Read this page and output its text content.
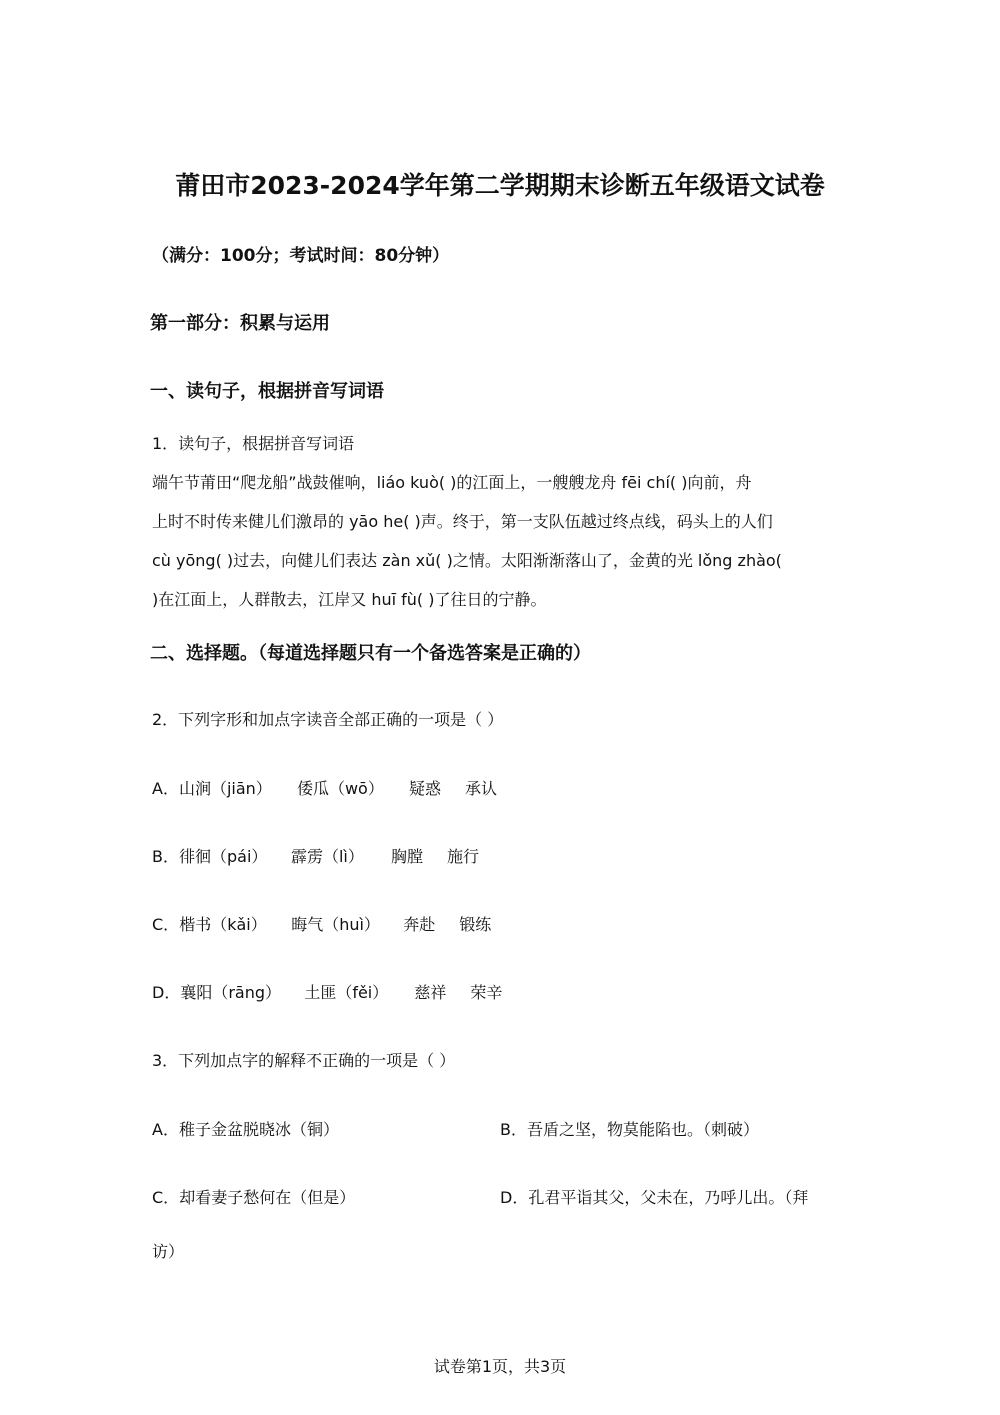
莆田市2023-2024学年第二学期期末诊断五年级语文试卷
（满分：100分；考试时间：80分钟）
第一部分：积累与运用
一、读句子，根据拼音写词语
1．读句子，根据拼音写词语
端午节莆田“爬龙船”战鼓催响，liáo kuò( )的江面上，一艘艘龙舟 fēi chí( )向前，舟
上时不时传来健儿们激昂的 yāo he( )声。终于，第一支队伍越过终点线，码头上的人们
cù yōng( )过去，向健儿们表达 zàn xǔ( )之情。太阳渐渐落山了，金黄的光 lǒng zhào(
)在江面上，人群散去，江岸又 huī fù( )了往日的宁静。
二、选择题。（每道选择题只有一个备选答案是正确的）
2．下列字形和加点字读音全部正确的一项是（ ）
A．山涧（jiān） 倭瓜（wō） 疑惑 承认
B．徘徊（pái） 霹雳（lì） 胸膛 施行
C．楷书（kǎi） 晦气（huì） 奔赴 锻练
D．襄阳（rāng） 土匪（fěi） 慈祥 荣辛
3．下列加点字的解释不正确的一项是（ ）
A．稚子金盆脱晓冰（铜）	B．吾盾之坚，物莫能陷也。（刺破）
C．却看妻子愁何在（但是）	D．孔君平诣其父，父未在，乃呼儿出。（拜
访）
试卷第1页，共3页
